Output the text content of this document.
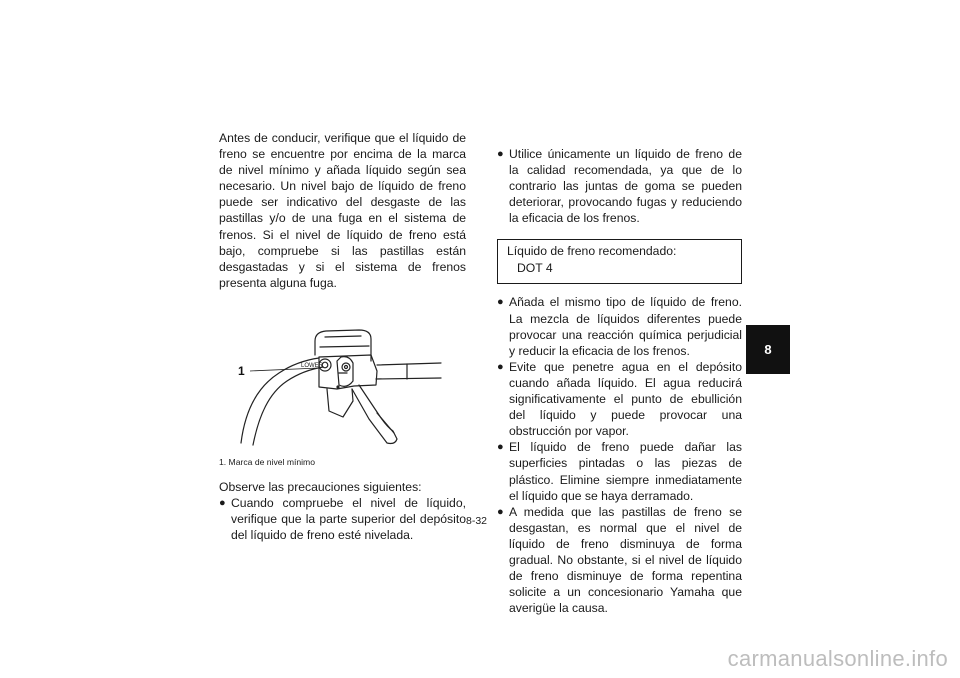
Antes de conducir, verifique que el líquido de freno se encuentre por encima de la marca de nivel mínimo y añada líquido según sea necesario. Un nivel bajo de líquido de freno puede ser indicativo del desgaste de las pastillas y/o de una fuga en el sistema de frenos. Si el nivel de líquido de freno está bajo, compruebe si las pastillas están desgastadas y si el sistema de frenos presenta alguna fuga.

LOWER
1

1. Marca de nivel mínimo

Observe las precauciones siguientes:

● Cuando compruebe el nivel de líquido, verifique que la parte superior del depósito del líquido de freno esté nivelada.

● Utilice únicamente un líquido de freno de la calidad recomendada, ya que de lo contrario las juntas de goma se pueden deteriorar, provocando fugas y reduciendo la eficacia de los frenos.

Líquido de freno recomendado:
DOT 4

● Añada el mismo tipo de líquido de freno. La mezcla de líquidos diferentes puede provocar una reacción química perjudicial y reducir la eficacia de los frenos.

● Evite que penetre agua en el depósito cuando añada líquido. El agua reducirá significativamente el punto de ebullición del líquido y puede provocar una obstrucción por vapor.

● El líquido de freno puede dañar las superficies pintadas o las piezas de plástico. Elimine siempre inmediatamente el líquido que se haya derramado.

● A medida que las pastillas de freno se desgastan, es normal que el nivel de líquido de freno disminuya de forma gradual. No obstante, si el nivel de líquido de freno disminuye de forma repentina solicite a un concesionario Yamaha que averigüe la causa.

8
8-32
carmanualsonline.info
